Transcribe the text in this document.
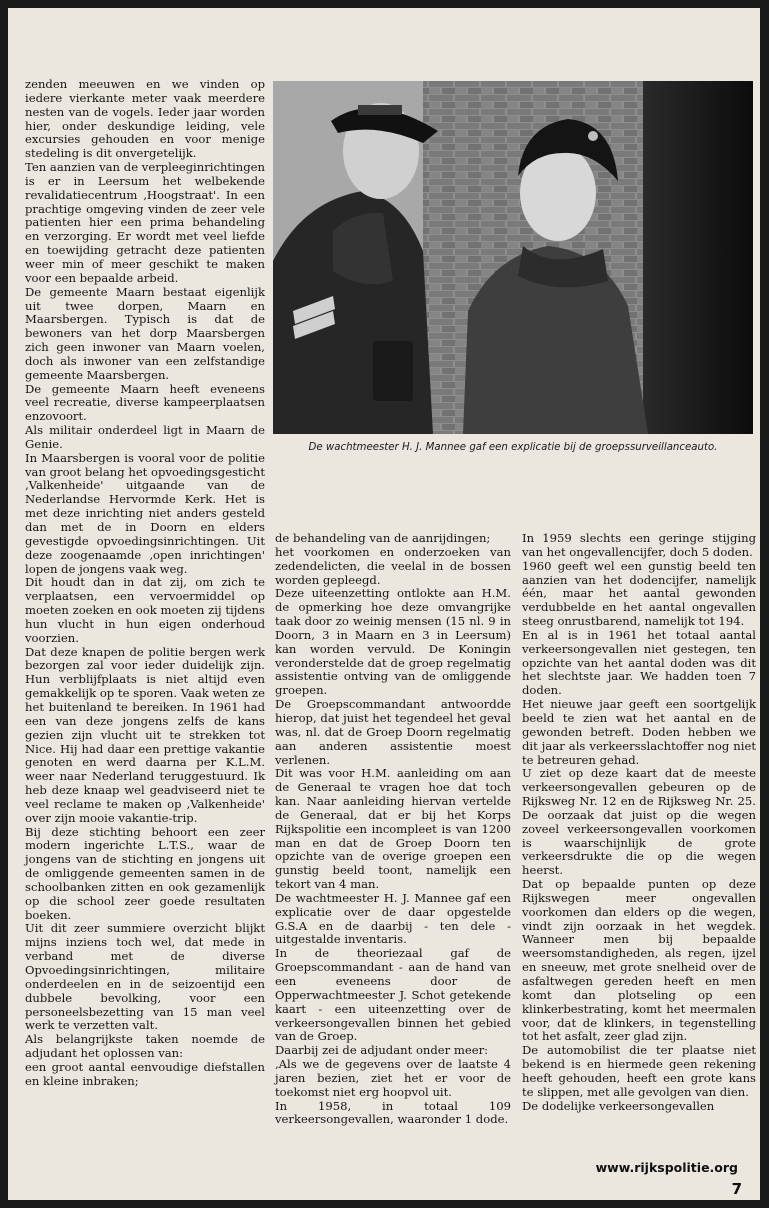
zenden meeuwen en we vinden op iedere vierkante meter vaak meerdere nesten van de vogels. Ieder jaar worden hier, onder deskundige leiding, vele excursies gehouden en voor menige stedeling is dit onvergetelijk.

Ten aanzien van de verpleeginrichtingen is er in Leersum het welbekende revalidatiecentrum ‚Hoogstraat'. In een prachtige omgeving vinden de zeer vele patienten hier een prima behandeling en verzorging. Er wordt met veel liefde en toewijding getracht deze patienten weer min of meer geschikt te maken voor een bepaalde arbeid.

De gemeente Maarn bestaat eigenlijk uit twee dorpen, Maarn en Maarsbergen. Typisch is dat de bewoners van het dorp Maarsbergen zich geen inwoner van Maarn voelen, doch als inwoner van een zelfstandige gemeente Maarsbergen.

De gemeente Maarn heeft eveneens veel recreatie, diverse kampeerplaatsen enzovoort.

Als militair onderdeel ligt in Maarn de Genie.

In Maarsbergen is vooral voor de politie van groot belang het opvoedingsgesticht ‚Valkenheide' uitgaande van de Nederlandse Hervormde Kerk. Het is met deze inrichting niet anders gesteld dan met de in Doorn en elders gevestigde opvoedingsinrichtingen. Uit deze zoogenaamde ‚open inrichtingen' lopen de jongens vaak weg.

Dit houdt dan in dat zij, om zich te verplaatsen, een vervoermiddel op moeten zoeken en ook moeten zij tijdens hun vlucht in hun eigen onderhoud voorzien.

Dat deze knapen de politie bergen werk bezorgen zal voor ieder duidelijk zijn. Hun verblijfplaats is niet altijd even gemakkelijk op te sporen. Vaak weten ze het buitenland te bereiken. In 1961 had een van deze jongens zelfs de kans gezien zijn vlucht uit te strekken tot Nice. Hij had daar een prettige vakantie genoten en werd daarna per K.L.M. weer naar Nederland teruggestuurd. Ik heb deze knaap wel geadviseerd niet te veel reclame te maken op ‚Valkenheide' over zijn mooie vakantie-trip.

Bij deze stichting behoort een zeer modern ingerichte L.T.S., waar de jongens van de stichting en jongens uit de omliggende gemeenten samen in de schoolbanken zitten en ook gezamenlijk op die school zeer goede resultaten boeken.

Uit dit zeer summiere overzicht blijkt mijns inziens toch wel, dat mede in verband met de diverse Opvoedingsinrichtingen, militaire onderdeelen en in de seizoentijd een dubbele bevolking, voor een personeelsbezetting van 15 man veel werk te verzetten valt.

Als belangrijkste taken noemde de adjudant het oplossen van:

een groot aantal eenvoudige diefstallen en kleine inbraken;

De wachtmeester H. J. Mannee gaf een explicatie bij de groepssurveillanceauto.

de behandeling van de aanrijdingen;

het voorkomen en onderzoeken van zedendelicten, die veelal in de bossen worden gepleegd.

Deze uiteenzetting ontlokte aan H.M. de opmerking hoe deze omvangrijke taak door zo weinig mensen (15 nl. 9 in Doorn, 3 in Maarn en 3 in Leersum) kan worden vervuld. De Koningin veronderstelde dat de groep regelmatig assistentie ontving van de omliggende groepen.

De Groepscommandant antwoordde hierop, dat juist het tegendeel het geval was, nl. dat de Groep Doorn regelmatig aan anderen assistentie moest verlenen.

Dit was voor H.M. aanleiding om aan de Generaal te vragen hoe dat toch kan. Naar aanleiding hiervan vertelde de Generaal, dat er bij het Korps Rijkspolitie een incompleet is van 1200 man en dat de Groep Doorn ten opzichte van de overige groepen een gunstig beeld toont, namelijk een tekort van 4 man.

De wachtmeester H. J. Mannee gaf een explicatie over de daar opgestelde G.S.A en de daarbij - ten dele - uitgestalde inventaris.

In de theoriezaal gaf de Groepscommandant - aan de hand van een eveneens door de Opperwachtmeester J. Schot getekende kaart - een uiteenzetting over de verkeersongevallen binnen het gebied van de Groep.

Daarbij zei de adjudant onder meer:

‚Als we de gegevens over de laatste 4 jaren bezien, ziet het er voor de toekomst niet erg hoopvol uit.

In 1958, in totaal 109 verkeersongevallen, waaronder 1 dode.

In 1959 slechts een geringe stijging van het ongevallencijfer, doch 5 doden.

1960 geeft wel een gunstig beeld ten aanzien van het dodencijfer, namelijk één, maar het aantal gewonden verdubbelde en het aantal ongevallen steeg onrustbarend, namelijk tot 194.

En al is in 1961 het totaal aantal verkeersongevallen niet gestegen, ten opzichte van het aantal doden was dit het slechtste jaar. We hadden toen 7 doden.

Het nieuwe jaar geeft een soortgelijk beeld te zien wat het aantal en de gewonden betreft. Doden hebben we dit jaar als verkeersslachtoffer nog niet te betreuren gehad.

U ziet op deze kaart dat de meeste verkeersongevallen gebeuren op de Rijksweg Nr. 12 en de Rijksweg Nr. 25. De oorzaak dat juist op die wegen zoveel verkeersongevallen voorkomen is waarschijnlijk de grote verkeersdrukte die op die wegen heerst.

Dat op bepaalde punten op deze Rijkswegen meer ongevallen voorkomen dan elders op die wegen, vindt zijn oorzaak in het wegdek. Wanneer men bij bepaalde weersomstandigheden, als regen, ijzel en sneeuw, met grote snelheid over de asfaltwegen gereden heeft en men komt dan plotseling op een klinkerbestrating, komt het meermalen voor, dat de klinkers, in tegenstelling tot het asfalt, zeer glad zijn.

De automobilist die ter plaatse niet bekend is en hiermede geen rekening heeft gehouden, heeft een grote kans te slippen, met alle gevolgen van dien.

De dodelijke verkeersongevallen

www.rijkspolitie.org
7
